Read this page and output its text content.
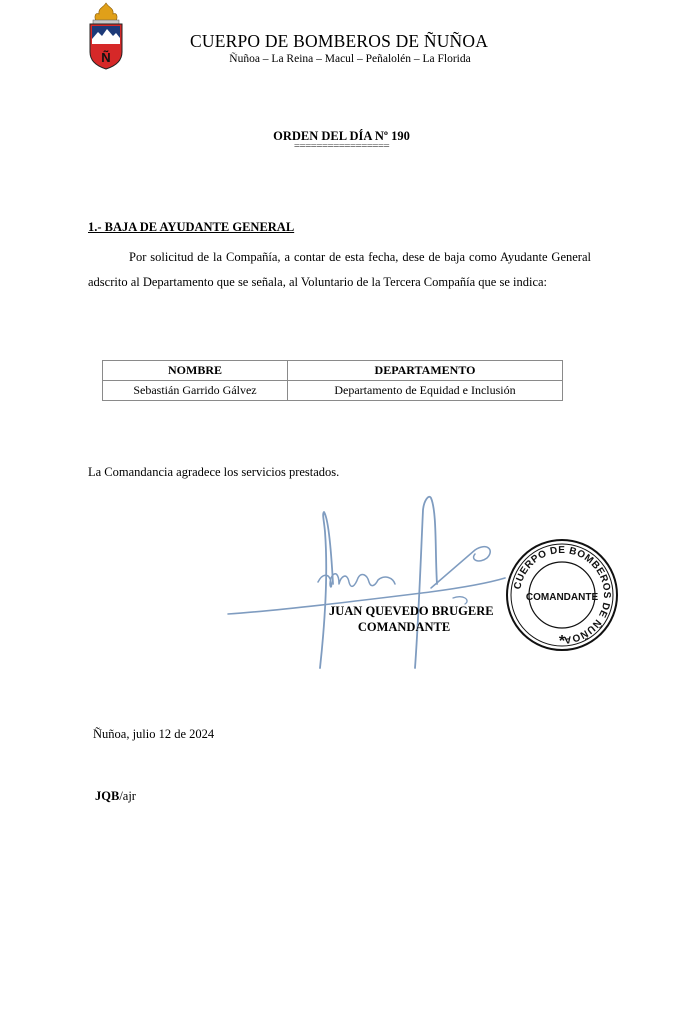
Ñ
CUERPO DE BOMBEROS DE ÑUÑOA
Ñuñoa – La Reina – Macul – Peñalolén – La Florida
ORDEN DEL DÍA Nº 190
=================
1.- BAJA DE AYUDANTE GENERAL

Por solicitud de la Compañía, a contar de esta fecha, dese de baja como Ayudante General adscrito al Departamento que se señala, al Voluntario de la Tercera Compañía que se indica:

NOMBRE	DEPARTAMENTO
Sebastián Garrido Gálvez	Departamento de Equidad e Inclusión
La Comandancia agradece los servicios prestados.
JUAN QUEVEDO BRUGERE
COMANDANTE
CUERPO DE BOMBEROS DE ÑUÑOA
COMANDANTE
*
Ñuñoa, julio 12 de 2024
JQB/ajr
